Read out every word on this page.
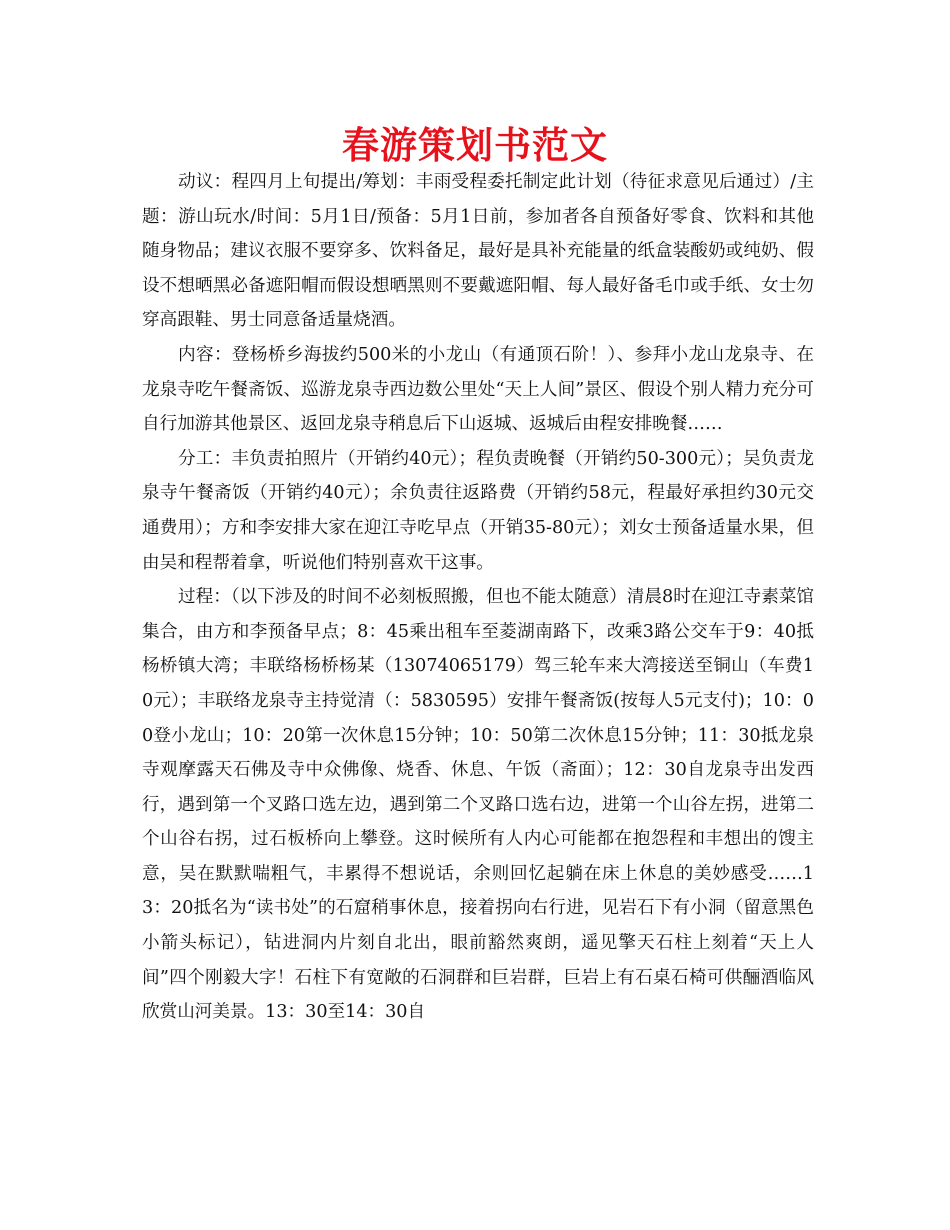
春游策划书范文

动议：程四月上旬提出/筹划：丰雨受程委托制定此计划（待征求意见后通过）/主题：游山玩水/时间：5月1日/预备：5月1日前，参加者各自预备好零食、饮料和其他随身物品；建议衣服不要穿多、饮料备足，最好是具补充能量的纸盒装酸奶或纯奶、假设不想晒黑必备遮阳帽而假设想晒黑则不要戴遮阳帽、每人最好备毛巾或手纸、女士勿穿高跟鞋、男士同意备适量烧酒。

内容：登杨桥乡海拔约500米的小龙山（有通顶石阶！）、参拜小龙山龙泉寺、在龙泉寺吃午餐斋饭、巡游龙泉寺西边数公里处“天上人间”景区、假设个别人精力充分可自行加游其他景区、返回龙泉寺稍息后下山返城、返城后由程安排晚餐……

分工：丰负责拍照片（开销约40元）；程负责晚餐（开销约50-300元）；吴负责龙泉寺午餐斋饭（开销约40元）；余负责往返路费（开销约58元，程最好承担约30元交通费用）；方和李安排大家在迎江寺吃早点（开销35-80元）；刘女士预备适量水果，但由吴和程帮着拿，听说他们特别喜欢干这事。

过程：（以下涉及的时间不必刻板照搬，但也不能太随意）清晨8时在迎江寺素菜馆集合，由方和李预备早点；8：45乘出租车至菱湖南路下，改乘3路公交车于9：40抵杨桥镇大湾；丰联络杨桥杨某（13074065179）驾三轮车来大湾接送至铜山（车费10元）；丰联络龙泉寺主持觉清（：5830595）安排午餐斋饭(按每人5元支付)；10：00登小龙山；10：20第一次休息15分钟；10：50第二次休息15分钟；11：30抵龙泉寺观摩露天石佛及寺中众佛像、烧香、休息、午饭（斋面）；12：30自龙泉寺出发西行，遇到第一个叉路口选左边，遇到第二个叉路口选右边，进第一个山谷左拐，进第二个山谷右拐，过石板桥向上攀登。这时候所有人内心可能都在抱怨程和丰想出的馊主意，吴在默默喘粗气，丰累得不想说话，余则回忆起躺在床上休息的美妙感受……13：20抵名为“读书处”的石窟稍事休息，接着拐向右行进，见岩石下有小洞（留意黑色小箭头标记），钻进洞内片刻自北出，眼前豁然爽朗，遥见擎天石柱上刻着“天上人间”四个刚毅大字！石柱下有宽敞的石洞群和巨岩群，巨岩上有石桌石椅可供酾酒临风欣赏山河美景。13：30至14：30自
